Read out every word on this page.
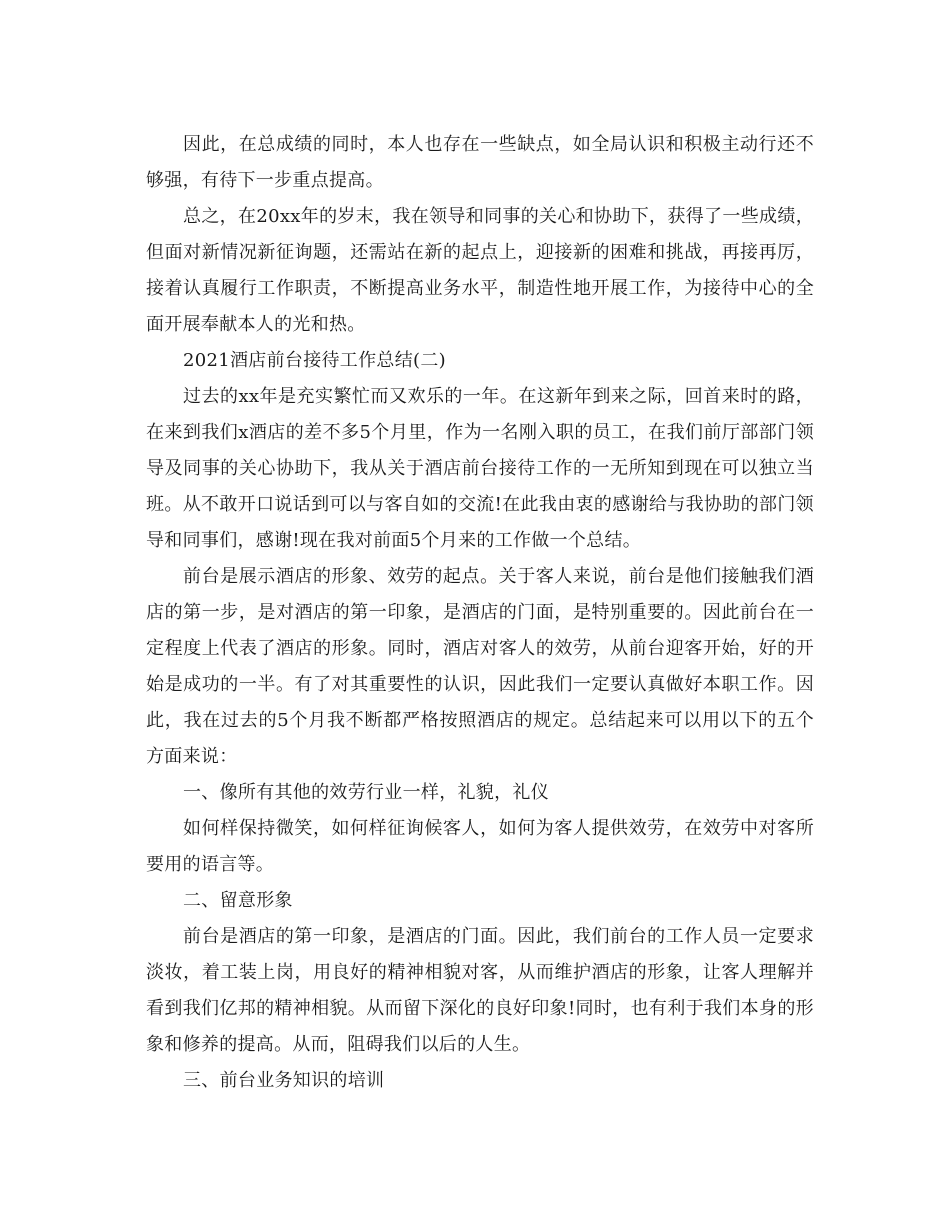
因此，在总成绩的同时，本人也存在一些缺点，如全局认识和积极主动行还不够强，有待下一步重点提高。

总之，在20xx年的岁末，我在领导和同事的关心和协助下，获得了一些成绩，但面对新情况新征询题，还需站在新的起点上，迎接新的困难和挑战，再接再厉，接着认真履行工作职责，不断提高业务水平，制造性地开展工作，为接待中心的全面开展奉献本人的光和热。

2021酒店前台接待工作总结(二)

过去的xx年是充实繁忙而又欢乐的一年。在这新年到来之际，回首来时的路，在来到我们x酒店的差不多5个月里，作为一名刚入职的员工，在我们前厅部部门领导及同事的关心协助下，我从关于酒店前台接待工作的一无所知到现在可以独立当班。从不敢开口说话到可以与客自如的交流!在此我由衷的感谢给与我协助的部门领导和同事们，感谢!现在我对前面5个月来的工作做一个总结。

前台是展示酒店的形象、效劳的起点。关于客人来说，前台是他们接触我们酒店的第一步，是对酒店的第一印象，是酒店的门面，是特别重要的。因此前台在一定程度上代表了酒店的形象。同时，酒店对客人的效劳，从前台迎客开始，好的开始是成功的一半。有了对其重要性的认识，因此我们一定要认真做好本职工作。因此，我在过去的5个月我不断都严格按照酒店的规定。总结起来可以用以下的五个方面来说：

一、像所有其他的效劳行业一样，礼貌，礼仪

如何样保持微笑，如何样征询候客人，如何为客人提供效劳，在效劳中对客所要用的语言等。

二、留意形象

前台是酒店的第一印象，是酒店的门面。因此，我们前台的工作人员一定要求淡妆，着工装上岗，用良好的精神相貌对客，从而维护酒店的形象，让客人理解并看到我们亿邦的精神相貌。从而留下深化的良好印象!同时，也有利于我们本身的形象和修养的提高。从而，阻碍我们以后的人生。

三、前台业务知识的培训
